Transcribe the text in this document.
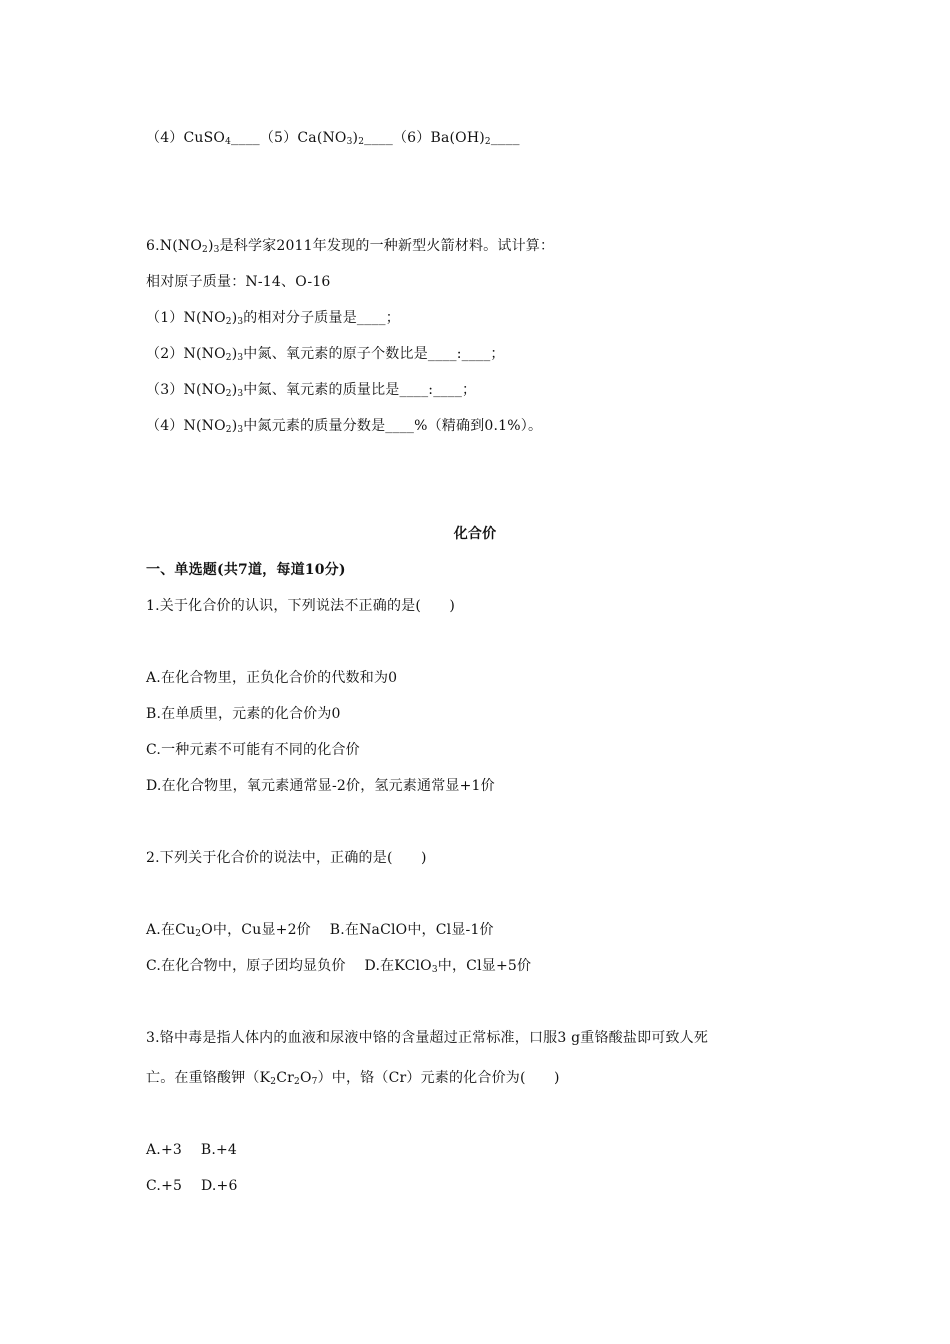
$(4)CuSO_4\_\_\_\_(5)Ca(NO_3)_2\_\_\_\_(6)Ba(OH)_2\_\_\_\_$
$6.N(NO_2)_3$是科学家2011年发现的一种新型火箭材料。试计算：
相对原子质量：N-14、O-16
$(1)N(NO_2)_3$的相对分子质量是____；
$(2)N(NO_2)_3$中氮、氧元素的原子个数比是____:____；
$(3)N(NO_2)_3$中氮、氧元素的质量比是____:____；
$(4)N(NO_2)_3$中氮元素的质量分数是____%（精确到0.1%）。
化合价
一、单选题(共7道，每道10分)
1.关于化合价的认识，下列说法不正确的是(　　)
A.在化合物里，正负化合价的代数和为0
B.在单质里，元素的化合价为0
C.一种元素不可能有不同的化合价
D.在化合物里，氧元素通常显-2价，氢元素通常显+1价
2.下列关于化合价的说法中，正确的是(　　)
A.在$Cu_2O$中，Cu显+2价　 B.在NaClO中，Cl显-1价
C.在化合物中，原子团均显负价　 D.在KClO$_3$中，Cl显+5价
3.铬中毒是指人体内的血液和尿液中铬的含量超过正常标准，口服3 g重铬酸盐即可致人死
亡。在重铬酸钾$(K_2Cr_2O_7)$中，铬（Cr）元素的化合价为(　　)
A.+3　 B.+4
C.+5　 D.+6
